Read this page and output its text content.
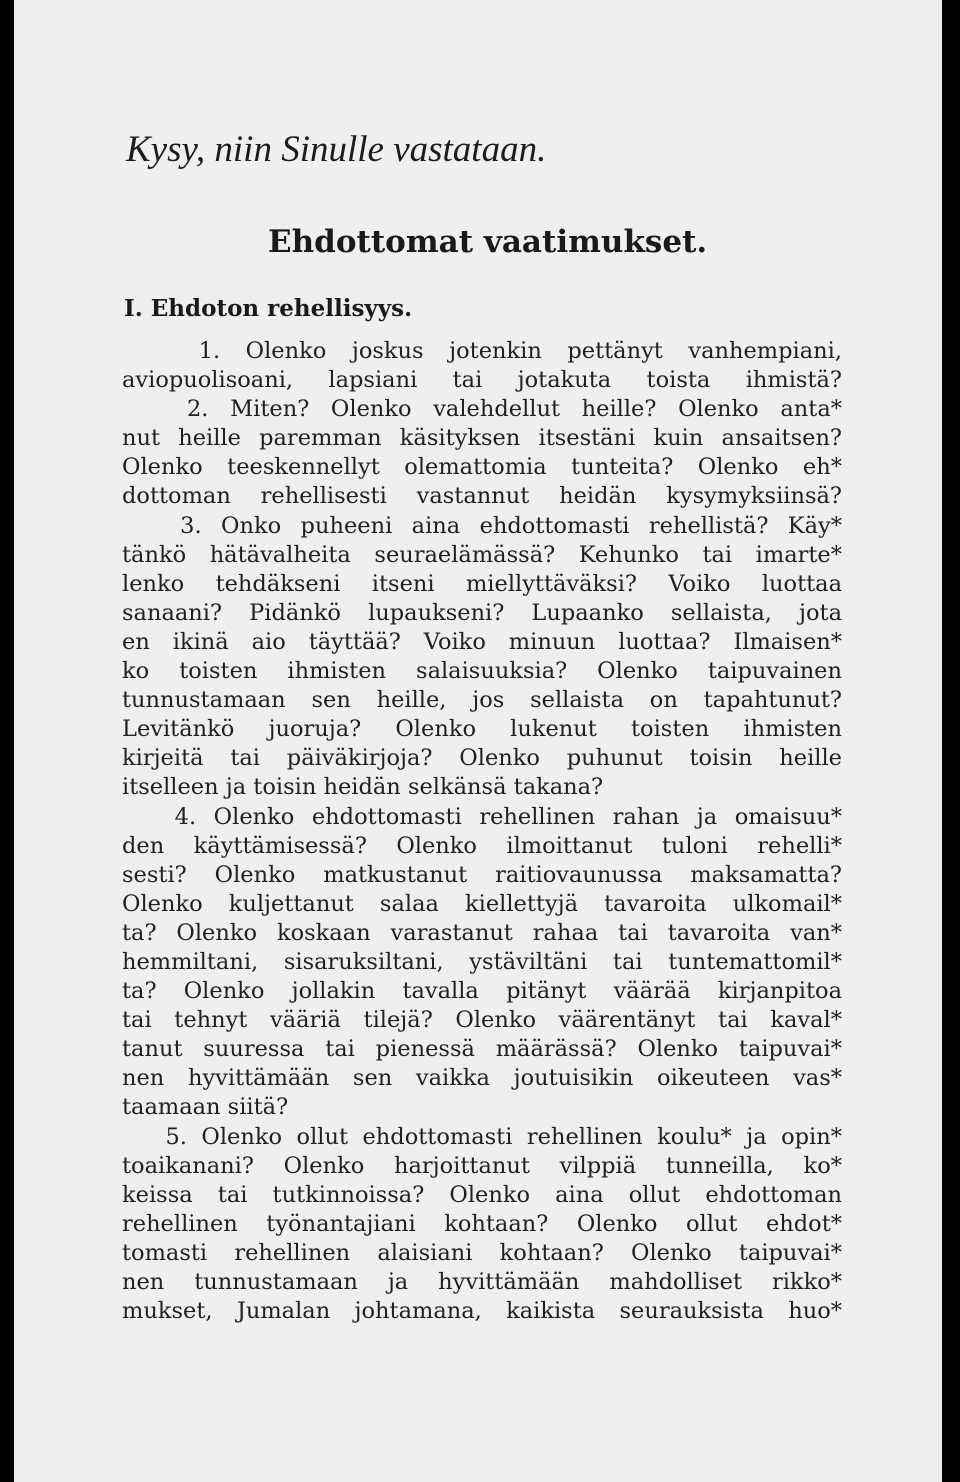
Kysy, niin Sinulle vastataan.
Ehdottomat vaatimukset.
I. Ehdoton rehellisyys.
1. Olenko joskus jotenkin pettänyt vanhempiani,
aviopuolisoani, lapsiani tai jotakuta toista ihmistä?
2. Miten? Olenko valehdellut heille? Olenko anta*
nut heille paremman käsityksen itsestäni kuin ansaitsen?
Olenko teeskennellyt olemattomia tunteita? Olenko eh*
dottoman rehellisesti vastannut heidän kysymyksiinsä?
3. Onko puheeni aina ehdottomasti rehellistä? Käy*
tänkö hätävalheita seuraelämässä? Kehunko tai imarte*
lenko tehdäkseni itseni miellyttäväksi? Voiko luottaa
sanaani? Pidänkö lupaukseni? Lupaanko sellaista, jota
en ikinä aio täyttää? Voiko minuun luottaa? Ilmaisen*
ko toisten ihmisten salaisuuksia? Olenko taipuvainen
tunnustamaan sen heille, jos sellaista on tapahtunut?
Levitänkö juoruja? Olenko lukenut toisten ihmisten
kirjeitä tai päiväkirjoja? Olenko puhunut toisin heille
itselleen ja toisin heidän selkänsä takana?
4. Olenko ehdottomasti rehellinen rahan ja omaisuu*
den käyttämisessä? Olenko ilmoittanut tuloni rehelli*
sesti? Olenko matkustanut raitiovaunussa maksamatta?
Olenko kuljettanut salaa kiellettyjä tavaroita ulkomail*
ta? Olenko koskaan varastanut rahaa tai tavaroita van*
hemmiltani, sisaruksiltani, ystäviltäni tai tuntemattomil*
ta? Olenko jollakin tavalla pitänyt väärää kirjanpitoa
tai tehnyt vääriä tilejä? Olenko väärentänyt tai kaval*
tanut suuressa tai pienessä määrässä? Olenko taipuvai*
nen hyvittämään sen vaikka joutuisikin oikeuteen vas*
taamaan siitä?
5. Olenko ollut ehdottomasti rehellinen koulu* ja opin*
toaikanani? Olenko harjoittanut vilppiä tunneilla, ko*
keissa tai tutkinnoissa? Olenko aina ollut ehdottoman
rehellinen työnantajiani kohtaan? Olenko ollut ehdot*
tomasti rehellinen alaisiani kohtaan? Olenko taipuvai*
nen tunnustamaan ja hyvittämään mahdolliset rikko*
mukset, Jumalan johtamana, kaikista seurauksista huo*
